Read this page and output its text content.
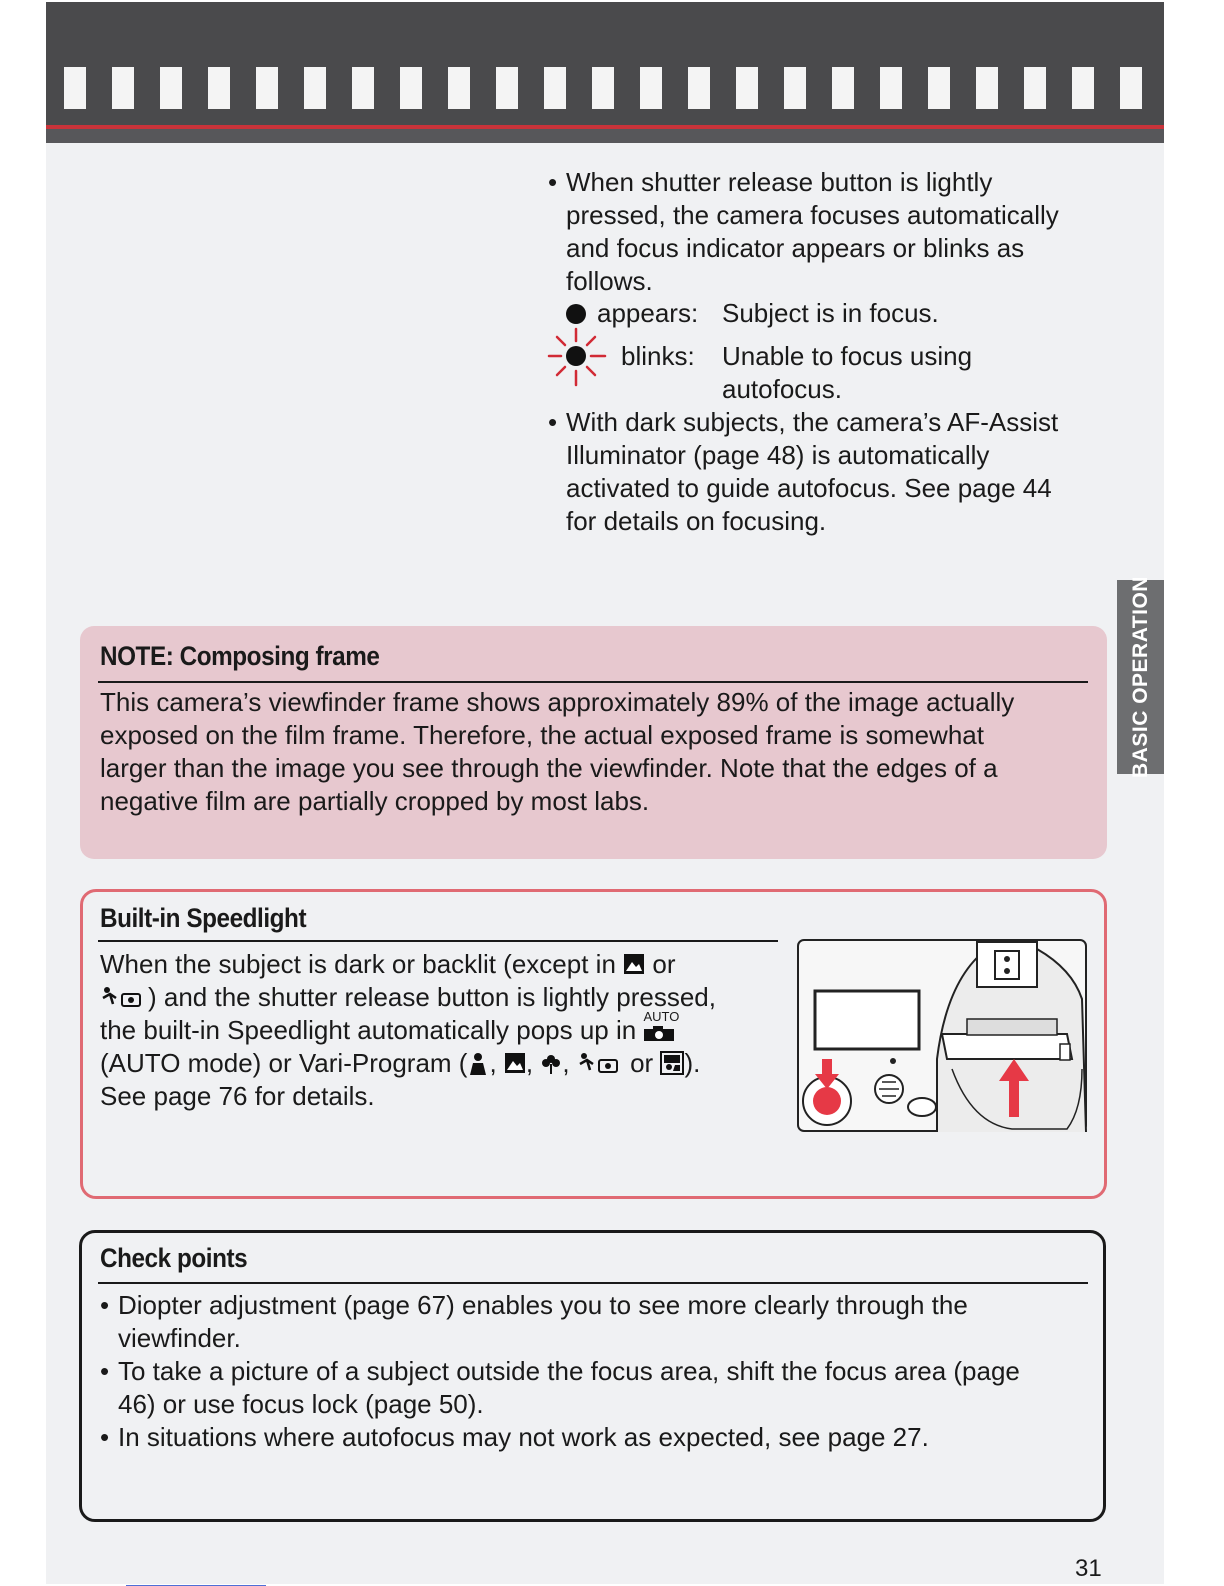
• When shutter release button is lightly
pressed, the camera focuses automatically
and focus indicator appears or blinks as
follows.
appears: Subject is in focus.
blinks: Unable to focus using
autofocus.
• With dark subjects, the camera’s AF-Assist
Illuminator (page 48) is automatically
activated to guide autofocus. See page 44
for details on focusing.
BASIC OPERATION
NOTE: Composing frame
This camera’s viewfinder frame shows approximately 89% of the image actually
exposed on the film frame. Therefore, the actual exposed frame is somewhat
larger than the image you see through the viewfinder. Note that the edges of a
negative film are partially cropped by most labs.
Built-in Speedlight
When the subject is dark or backlit (except in or
) and the shutter release button is lightly pressed,
the built-in Speedlight automatically pops up in AUTO
(AUTO mode) or Vari-Program ( , , , or ).
See page 76 for details.
Check points
• Diopter adjustment (page 67) enables you to see more clearly through the
viewfinder.
• To take a picture of a subject outside the focus area, shift the focus area (page
46) or use focus lock (page 50).
• In situations where autofocus may not work as expected, see page 27.
31
